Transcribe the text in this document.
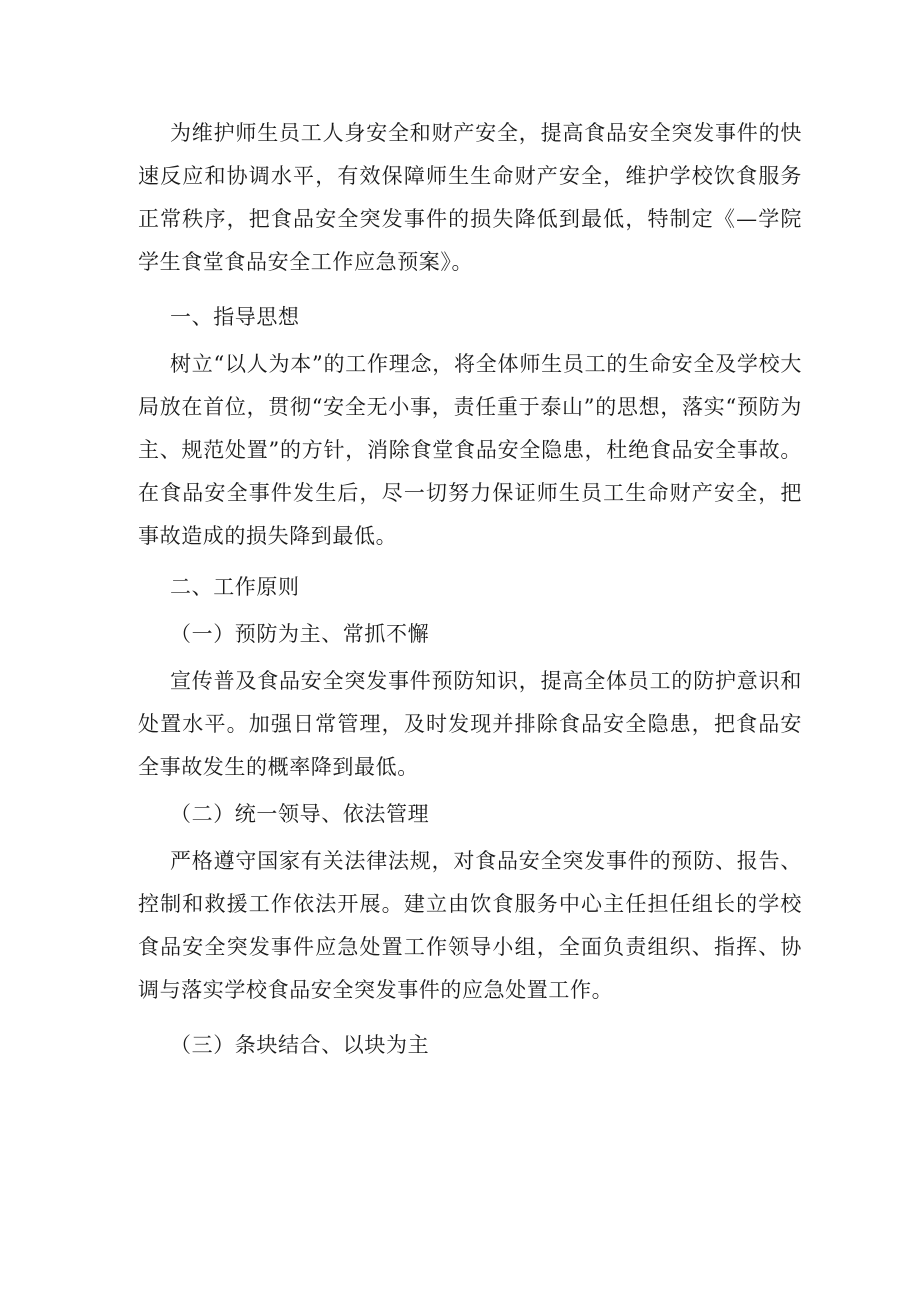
为维护师生员工人身安全和财产安全，提高食品安全突发事件的快速反应和协调水平，有效保障师生生命财产安全，维护学校饮食服务正常秩序，把食品安全突发事件的损失降低到最低，特制定《—学院学生食堂食品安全工作应急预案》。

一、指导思想

树立“以人为本”的工作理念，将全体师生员工的生命安全及学校大局放在首位，贯彻“安全无小事，责任重于泰山”的思想，落实“预防为主、规范处置”的方针，消除食堂食品安全隐患，杜绝食品安全事故。在食品安全事件发生后，尽一切努力保证师生员工生命财产安全，把事故造成的损失降到最低。

二、工作原则

（一）预防为主、常抓不懈

宣传普及食品安全突发事件预防知识，提高全体员工的防护意识和处置水平。加强日常管理，及时发现并排除食品安全隐患，把食品安全事故发生的概率降到最低。

（二）统一领导、依法管理

严格遵守国家有关法律法规，对食品安全突发事件的预防、报告、控制和救援工作依法开展。建立由饮食服务中心主任担任组长的学校食品安全突发事件应急处置工作领导小组，全面负责组织、指挥、协调与落实学校食品安全突发事件的应急处置工作。

（三）条块结合、以块为主
